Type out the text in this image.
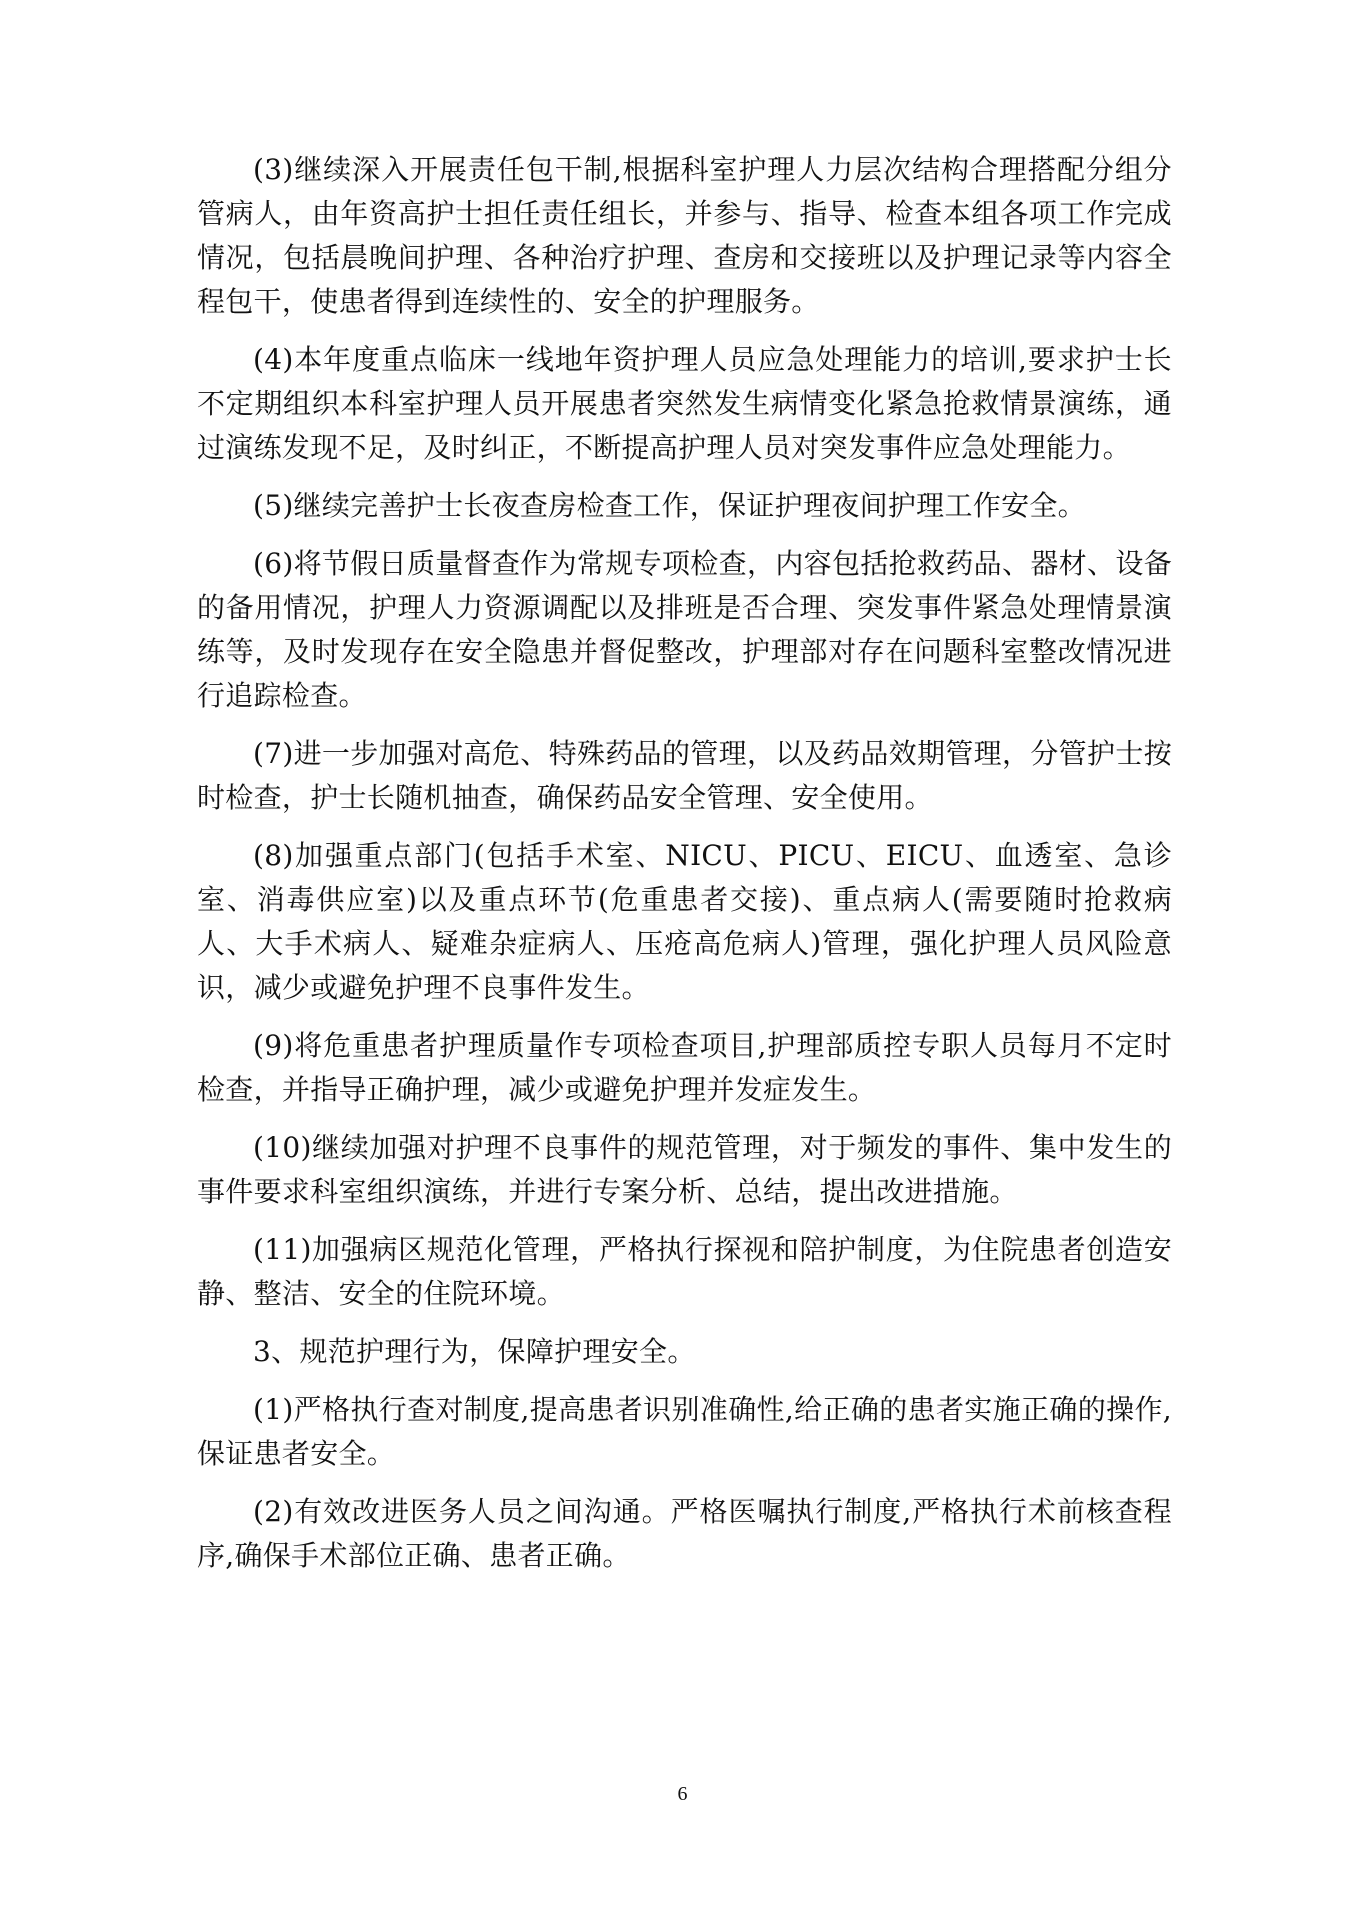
(3)继续深入开展责任包干制,根据科室护理人力层次结构合理搭配分组分管病人，由年资高护士担任责任组长，并参与、指导、检查本组各项工作完成情况，包括晨晚间护理、各种治疗护理、查房和交接班以及护理记录等内容全程包干，使患者得到连续性的、安全的护理服务。

(4)本年度重点临床一线地年资护理人员应急处理能力的培训,要求护士长不定期组织本科室护理人员开展患者突然发生病情变化紧急抢救情景演练，通过演练发现不足，及时纠正，不断提高护理人员对突发事件应急处理能力。

(5)继续完善护士长夜查房检查工作，保证护理夜间护理工作安全。

(6)将节假日质量督查作为常规专项检查，内容包括抢救药品、器材、设备的备用情况，护理人力资源调配以及排班是否合理、突发事件紧急处理情景演练等，及时发现存在安全隐患并督促整改，护理部对存在问题科室整改情况进行追踪检查。

(7)进一步加强对高危、特殊药品的管理，以及药品效期管理，分管护士按时检查，护士长随机抽查，确保药品安全管理、安全使用。

(8)加强重点部门(包括手术室、NICU、PICU、EICU、血透室、急诊室、消毒供应室)以及重点环节(危重患者交接)、重点病人(需要随时抢救病人、大手术病人、疑难杂症病人、压疮高危病人)管理，强化护理人员风险意识，减少或避免护理不良事件发生。

(9)将危重患者护理质量作专项检查项目,护理部质控专职人员每月不定时检查，并指导正确护理，减少或避免护理并发症发生。

(10)继续加强对护理不良事件的规范管理，对于频发的事件、集中发生的事件要求科室组织演练，并进行专案分析、总结，提出改进措施。

(11)加强病区规范化管理，严格执行探视和陪护制度，为住院患者创造安静、整洁、安全的住院环境。

3、规范护理行为，保障护理安全。

(1)严格执行查对制度,提高患者识别准确性,给正确的患者实施正确的操作,保证患者安全。

(2)有效改进医务人员之间沟通。严格医嘱执行制度,严格执行术前核查程序,确保手术部位正确、患者正确。

6
